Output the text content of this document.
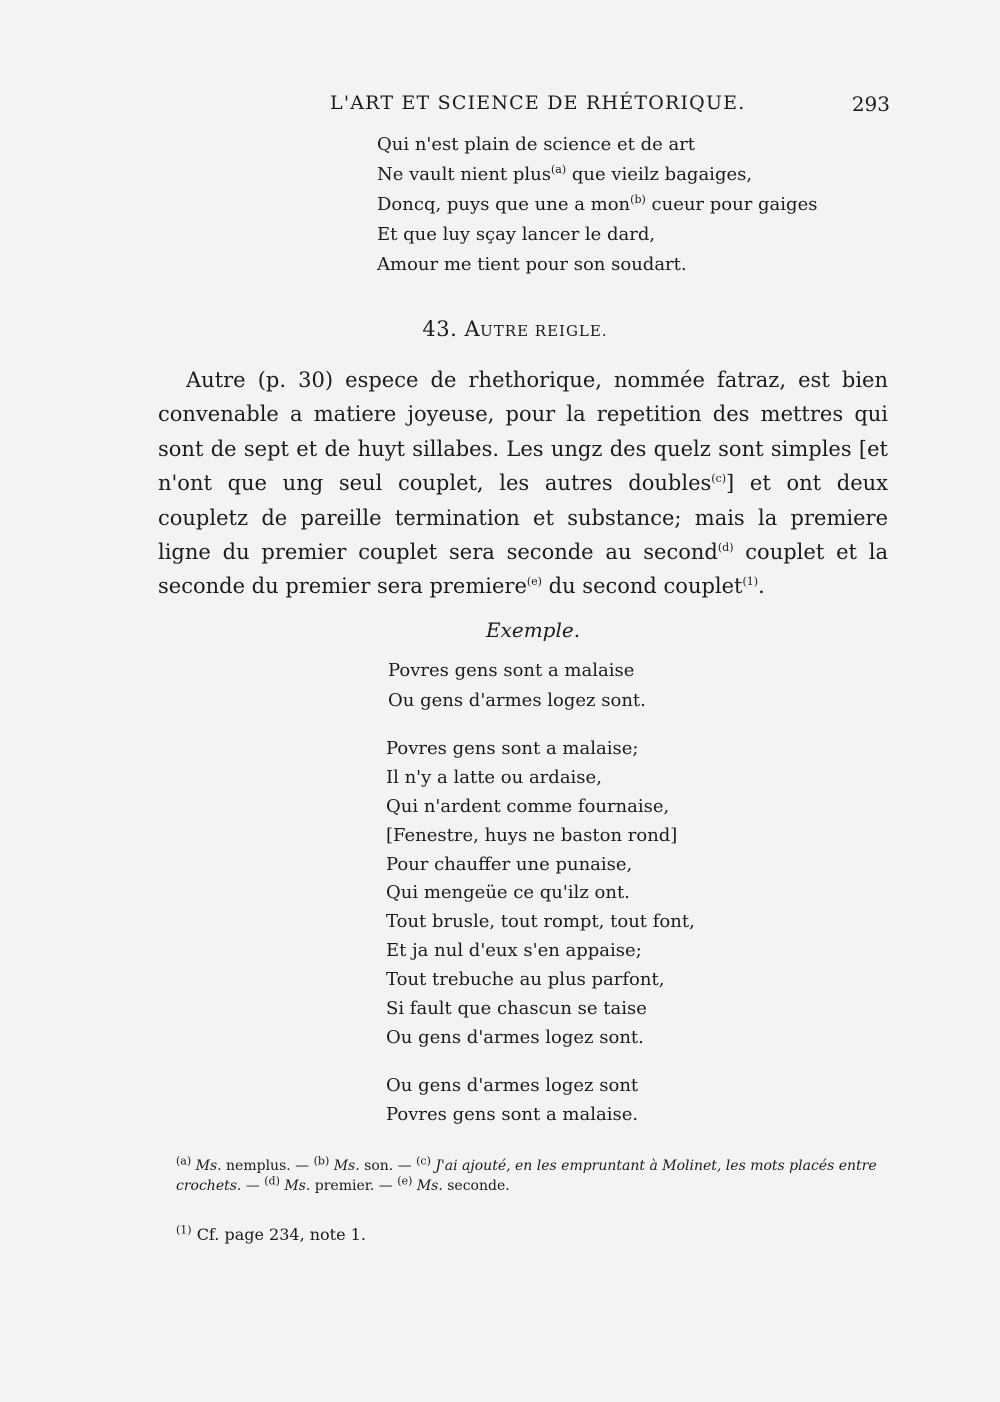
L'ART ET SCIENCE DE RHÉTORIQUE.	293
Qui n'est plain de science et de art
Ne vault nient plus$^{(a)}$ que vieilz bagaiges,
Doncq, puys que une a mon$^{(b)}$ cueur pour gaiges
Et que luy sçay lancer le dard,
Amour me tient pour son soudart.
43. AUTRE REIGLE.

Autre (p. 30) espece de rhethorique, nommée fatraz, est bien convenable a matiere joyeuse, pour la repetition des mettres qui sont de sept et de huyt sillabes. Les ungz des quelz sont simples [et n'ont que ung seul couplet, les autres doubles$^{(c)}$] et ont deux coupletz de pareille termination et substance; mais la premiere ligne du premier couplet sera seconde au second$^{(d)}$ couplet et la seconde du premier sera premiere$^{(e)}$ du second couplet$^{(1)}$.

Exemple.
Povres gens sont a malaise
Ou gens d'armes logez sont.
Povres gens sont a malaise;
Il n'y a latte ou ardaise,
Qui n'ardent comme fournaise,
[Fenestre, huys ne baston rond]
Pour chauffer une punaise,
Qui mengeüe ce qu'ilz ont.
Tout brusle, tout rompt, tout font,
Et ja nul d'eux s'en appaise;
Tout trebuche au plus parfont,
Si fault que chascun se taise
Ou gens d'armes logez sont.
Ou gens d'armes logez sont
Povres gens sont a malaise.
$^{(a)}$ Ms. nemplus. — $^{(b)}$ Ms. son. — $^{(c)}$ J'ai ajouté, en les empruntant à Molinet, les mots placés entre crochets. — $^{(d)}$ Ms. premier. — $^{(e)}$ Ms. seconde.
$^{(1)}$ Cf. page 234, note 1.
